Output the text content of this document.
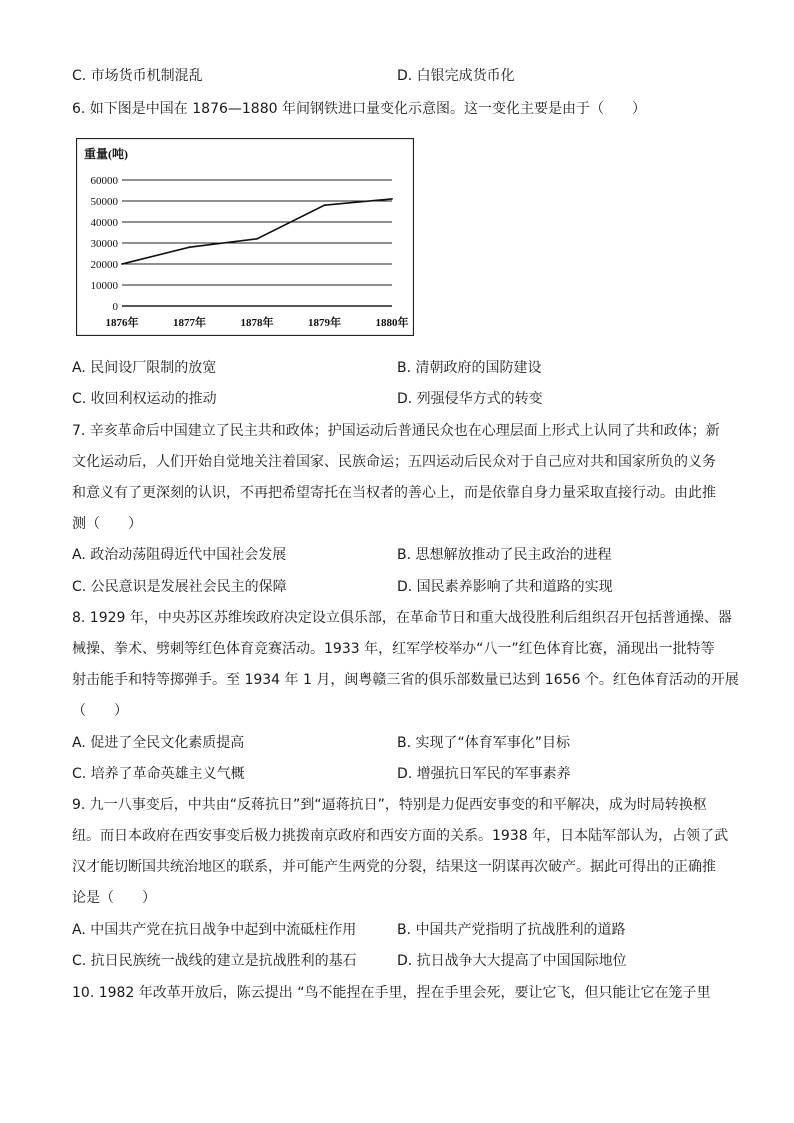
C. 市场货币机制混乱	D. 白银完成货币化
6. 如下图是中国在 1876—1880 年间钢铁进口量变化示意图。这一变化主要是由于（　　）
重量(吨)
0
10000
20000
30000
40000
50000
60000
1876年	1877年	1878年	1879年	1880年
A. 民间设厂限制的放宽	B. 清朝政府的国防建设
C. 收回利权运动的推动	D. 列强侵华方式的转变
7. 辛亥革命后中国建立了民主共和政体；护国运动后普通民众也在心理层面上形式上认同了共和政体；新
文化运动后，人们开始自觉地关注着国家、民族命运；五四运动后民众对于自己应对共和国家所负的义务
和意义有了更深刻的认识，不再把希望寄托在当权者的善心上，而是依靠自身力量采取直接行动。由此推
测（　　）
A. 政治动荡阻碍近代中国社会发展	B. 思想解放推动了民主政治的进程
C. 公民意识是发展社会民主的保障	D. 国民素养影响了共和道路的实现
8. 1929 年，中央苏区苏维埃政府决定设立俱乐部，在革命节日和重大战役胜利后组织召开包括普通操、器
械操、拳术、劈刺等红色体育竞赛活动。1933 年，红军学校举办“八一”红色体育比赛，涌现出一批特等
射击能手和特等掷弹手。至 1934 年 1 月，闽粤赣三省的俱乐部数量已达到 1656 个。红色体育活动的开展
（　　）
A. 促进了全民文化素质提高	B. 实现了“体育军事化”目标
C. 培养了革命英雄主义气概	D. 增强抗日军民的军事素养
9. 九一八事变后，中共由“反蒋抗日”到“逼蒋抗日”，特别是力促西安事变的和平解决，成为时局转换枢
纽。而日本政府在西安事变后极力挑拨南京政府和西安方面的关系。1938 年，日本陆军部认为，占领了武
汉才能切断国共统治地区的联系，并可能产生两党的分裂，结果这一阴谋再次破产。据此可得出的正确推
论是（　　）
A. 中国共产党在抗日战争中起到中流砥柱作用	B. 中国共产党指明了抗战胜利的道路
C. 抗日民族统一战线的建立是抗战胜利的基石	D. 抗日战争大大提高了中国国际地位
10. 1982 年改革开放后，陈云提出 “鸟不能捏在手里，捏在手里会死，要让它飞，但只能让它在笼子里
